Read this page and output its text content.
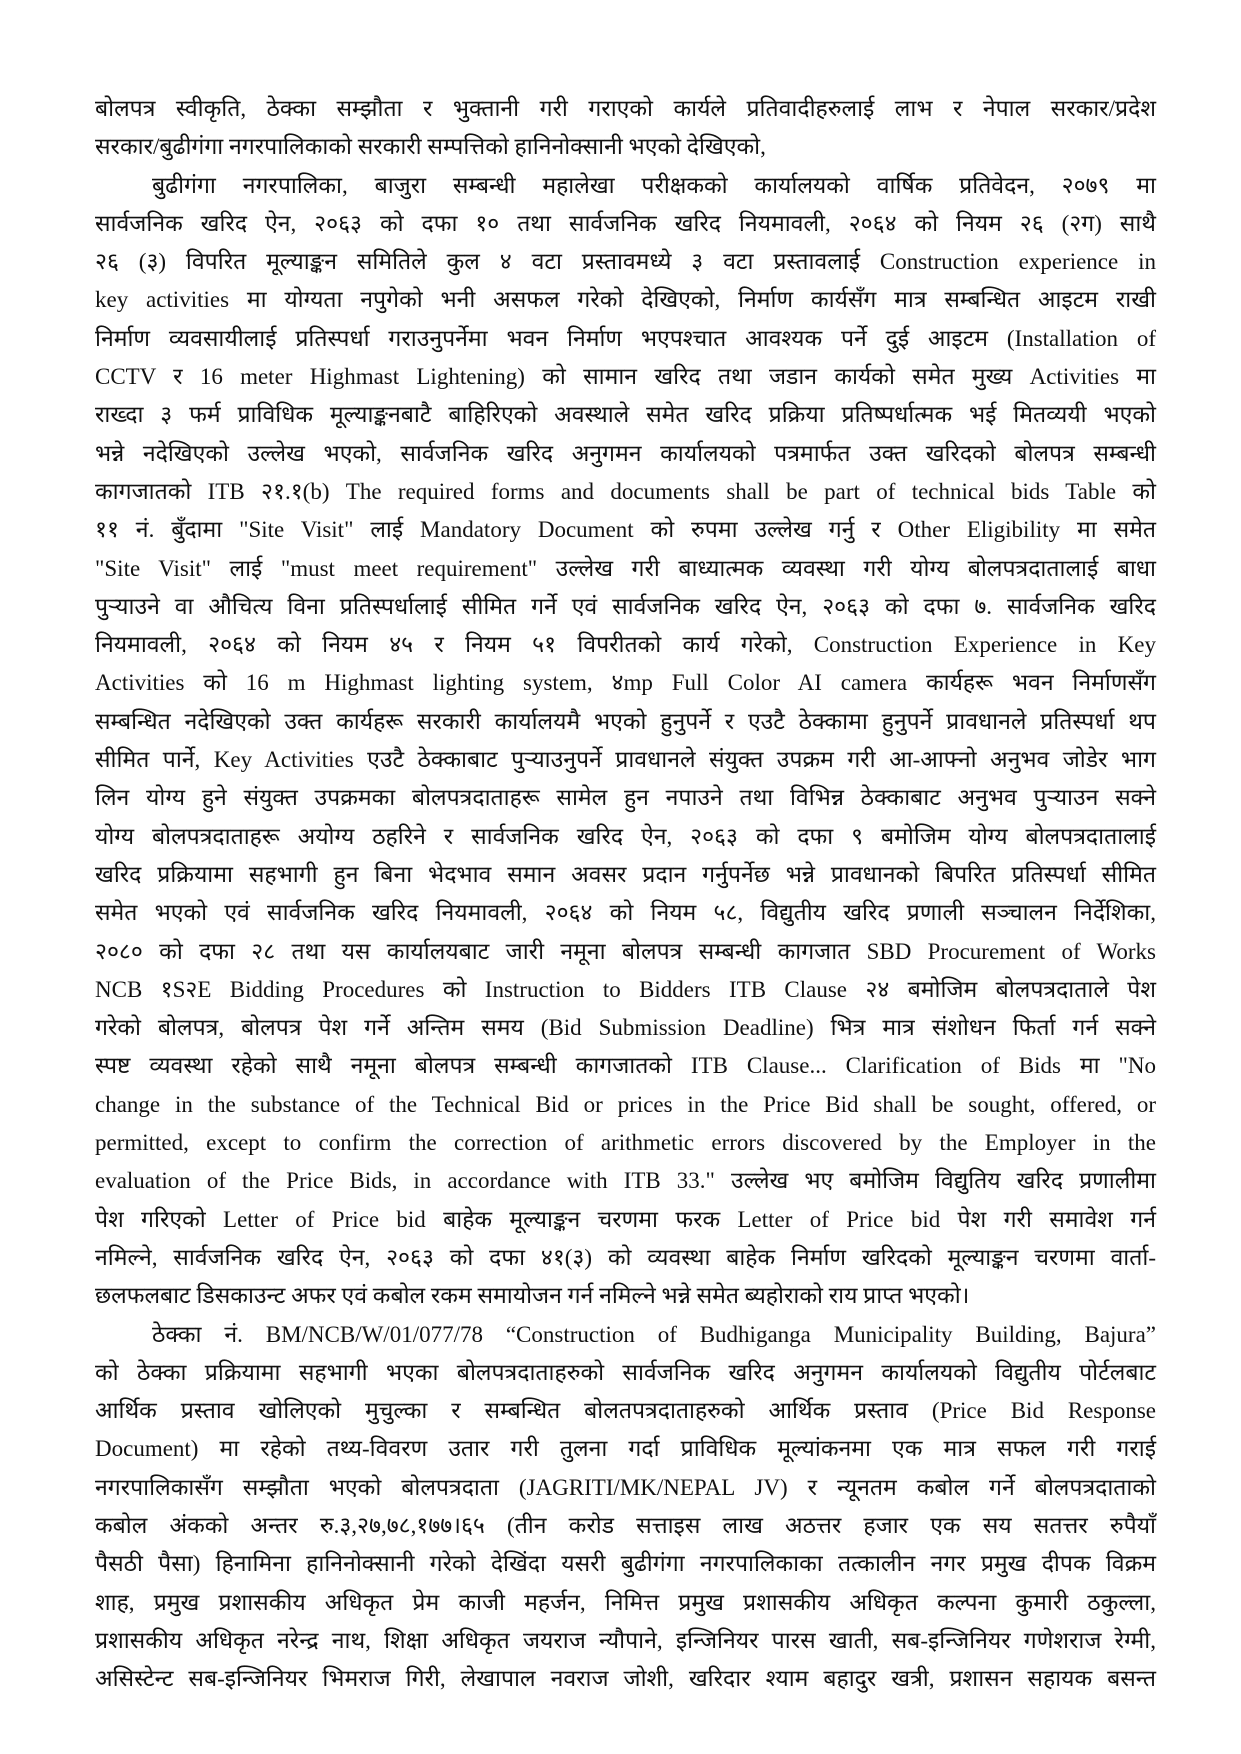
बोलपत्र स्वीकृति, ठेक्का सम्झौता र भुक्तानी गरी गराएको कार्यले प्रतिवादीहरुलाई लाभ र नेपाल सरकार/प्रदेश
सरकार/बुढीगंगा नगरपालिकाको सरकारी सम्पत्तिको हानिनोक्सानी भएको देखिएको,
बुढीगंगा नगरपालिका, बाजुरा सम्बन्धी महालेखा परीक्षकको कार्यालयको वार्षिक प्रतिवेदन, २०७९ मा
सार्वजनिक खरिद ऐन, २०६३ को दफा १० तथा सार्वजनिक खरिद नियमावली, २०६४ को नियम २६ (२ग) साथै
२६ (३) विपरित मूल्याङ्कन समितिले कुल ४ वटा प्रस्तावमध्ये ३ वटा प्रस्तावलाई Construction experience in
key activities मा योग्यता नपुगेको भनी असफल गरेको देखिएको, निर्माण कार्यसँग मात्र सम्बन्धित आइटम राखी
निर्माण व्यवसायीलाई प्रतिस्पर्धा गराउनुपर्नेमा भवन निर्माण भएपश्चात आवश्यक पर्ने दुई आइटम (Installation of
CCTV र 16 meter Highmast Lightening) को सामान खरिद तथा जडान कार्यको समेत मुख्य Activities मा
राख्दा ३ फर्म प्राविधिक मूल्याङ्कनबाटै बाहिरिएको अवस्थाले समेत खरिद प्रक्रिया प्रतिष्पर्धात्मक भई मितव्ययी भएको
भन्ने नदेखिएको उल्लेख भएको, सार्वजनिक खरिद अनुगमन कार्यालयको पत्रमार्फत उक्त खरिदको बोलपत्र सम्बन्धी
कागजातको ITB २१.१(b) The required forms and documents shall be part of technical bids Table को
११ नं. बुँदामा "Site Visit" लाई Mandatory Document को रुपमा उल्लेख गर्नु र Other Eligibility मा समेत
"Site Visit" लाई "must meet requirement" उल्लेख गरी बाध्यात्मक व्यवस्था गरी योग्य बोलपत्रदातालाई बाधा
पुऱ्याउने वा औचित्य विना प्रतिस्पर्धालाई सीमित गर्ने एवं सार्वजनिक खरिद ऐन, २०६३ को दफा ७. सार्वजनिक खरिद
नियमावली, २०६४ को नियम ४५ र नियम ५१ विपरीतको कार्य गरेको, Construction Experience in Key
Activities को 16 m Highmast lighting system, ४mp Full Color AI camera कार्यहरू भवन निर्माणसँग
सम्बन्धित नदेखिएको उक्त कार्यहरू सरकारी कार्यालयमै भएको हुनुपर्ने र एउटै ठेक्कामा हुनुपर्ने प्रावधानले प्रतिस्पर्धा थप
सीमित पार्ने, Key Activities एउटै ठेक्काबाट पुऱ्याउनुपर्ने प्रावधानले संयुक्त उपक्रम गरी आ-आफ्नो अनुभव जोडेर भाग
लिन योग्य हुने संयुक्त उपक्रमका बोलपत्रदाताहरू सामेल हुन नपाउने तथा विभिन्न ठेक्काबाट अनुभव पुऱ्याउन सक्ने
योग्य बोलपत्रदाताहरू अयोग्य ठहरिने र सार्वजनिक खरिद ऐन, २०६३ को दफा ९ बमोजिम योग्य बोलपत्रदातालाई
खरिद प्रक्रियामा सहभागी हुन बिना भेदभाव समान अवसर प्रदान गर्नुपर्नेछ भन्ने प्रावधानको बिपरित प्रतिस्पर्धा सीमित
समेत भएको एवं सार्वजनिक खरिद नियमावली, २०६४ को नियम ५८, विद्युतीय खरिद प्रणाली सञ्चालन निर्देशिका,
२०८० को दफा २८ तथा यस कार्यालयबाट जारी नमूना बोलपत्र सम्बन्धी कागजात SBD Procurement of Works
NCB १S२E Bidding Procedures को Instruction to Bidders ITB Clause २४ बमोजिम बोलपत्रदाताले पेश
गरेको बोलपत्र, बोलपत्र पेश गर्ने अन्तिम समय (Bid Submission Deadline) भित्र मात्र संशोधन फिर्ता गर्न सक्ने
स्पष्ट व्यवस्था रहेको साथै नमूना बोलपत्र सम्बन्धी कागजातको ITB Clause... Clarification of Bids मा "No
change in the substance of the Technical Bid or prices in the Price Bid shall be sought, offered, or
permitted, except to confirm the correction of arithmetic errors discovered by the Employer in the
evaluation of the Price Bids, in accordance with ITB 33." उल्लेख भए बमोजिम विद्युतिय खरिद प्रणालीमा
पेश गरिएको Letter of Price bid बाहेक मूल्याङ्कन चरणमा फरक Letter of Price bid पेश गरी समावेश गर्न
नमिल्ने, सार्वजनिक खरिद ऐन, २०६३ को दफा ४१(३) को व्यवस्था बाहेक निर्माण खरिदको मूल्याङ्कन चरणमा वार्ता-
छलफलबाट डिसकाउन्ट अफर एवं कबोल रकम समायोजन गर्न नमिल्ने भन्ने समेत ब्यहोराको राय प्राप्त भएको।
ठेक्का नं. BM/NCB/W/01/077/78 “Construction of Budhiganga Municipality Building, Bajura”
को ठेक्का प्रक्रियामा सहभागी भएका बोलपत्रदाताहरुको सार्वजनिक खरिद अनुगमन कार्यालयको विद्युतीय पोर्टलबाट
आर्थिक प्रस्ताव खोलिएको मुचुल्का र सम्बन्धित बोलतपत्रदाताहरुको आर्थिक प्रस्ताव (Price Bid Response
Document) मा रहेको तथ्य-विवरण उतार गरी तुलना गर्दा प्राविधिक मूल्यांकनमा एक मात्र सफल गरी गराई
नगरपालिकासँग सम्झौता भएको बोलपत्रदाता (JAGRITI/MK/NEPAL JV) र न्यूनतम कबोल गर्ने बोलपत्रदाताको
कबोल अंकको अन्तर रु.३,२७,७८,१७७।६५ (तीन करोड सत्ताइस लाख अठत्तर हजार एक सय सतत्तर रुपैयाँ
पैसठी पैसा) हिनामिना हानिनोक्सानी गरेको देखिंदा यसरी बुढीगंगा नगरपालिकाका तत्कालीन नगर प्रमुख दीपक विक्रम
शाह, प्रमुख प्रशासकीय अधिकृत प्रेम काजी महर्जन, निमित्त प्रमुख प्रशासकीय अधिकृत कल्पना कुमारी ठकुल्ला,
प्रशासकीय अधिकृत नरेन्द्र नाथ, शिक्षा अधिकृत जयराज न्यौपाने, इन्जिनियर पारस खाती, सब-इन्जिनियर गणेशराज रेग्मी,
असिस्टेन्ट सब-इन्जिनियर भिमराज गिरी, लेखापाल नवराज जोशी, खरिदार श्याम बहादुर खत्री, प्रशासन सहायक बसन्त
